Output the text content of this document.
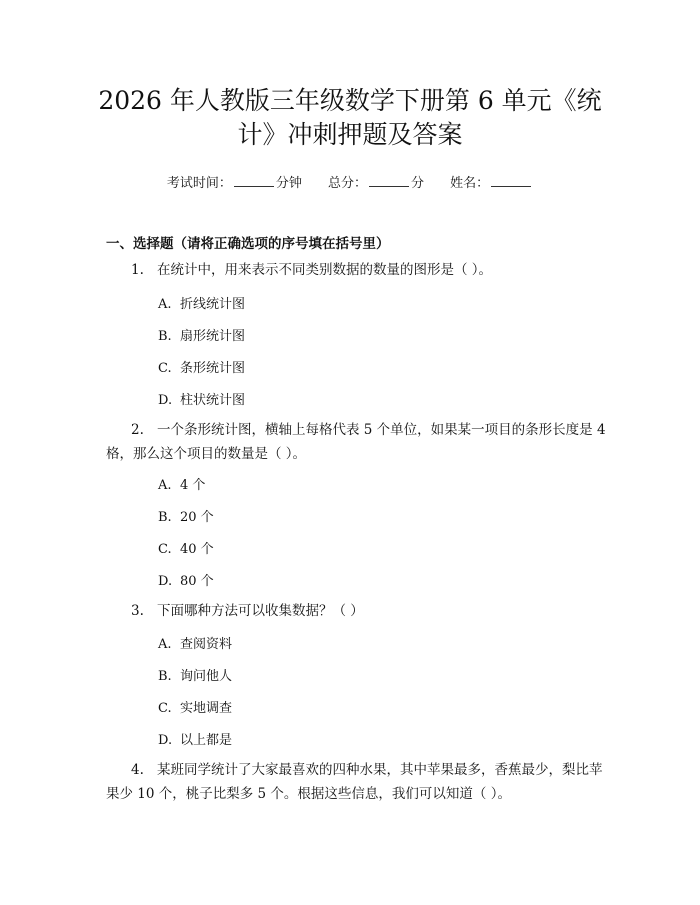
2026 年人教版三年级数学下册第 6 单元《统
计》冲刺押题及答案
考试时间：	分钟 总分：	分 姓名：
一、选择题（请将正确选项的序号填在括号里）
1. 在统计中，用来表示不同类别数据的数量的图形是（ ）。
A. 折线统计图
B. 扇形统计图
C. 条形统计图
D. 柱状统计图
2. 一个条形统计图，横轴上每格代表 5 个单位，如果某一项目的条形长度是 4 格，那么这个项目的数量是（ ）。
A. 4 个
B. 20 个
C. 40 个
D. 80 个
3. 下面哪种方法可以收集数据？（ ）
A. 查阅资料
B. 询问他人
C. 实地调查
D. 以上都是
4. 某班同学统计了大家最喜欢的四种水果，其中苹果最多，香蕉最少，梨比苹果少 10 个，桃子比梨多 5 个。根据这些信息，我们可以知道（ ）。
